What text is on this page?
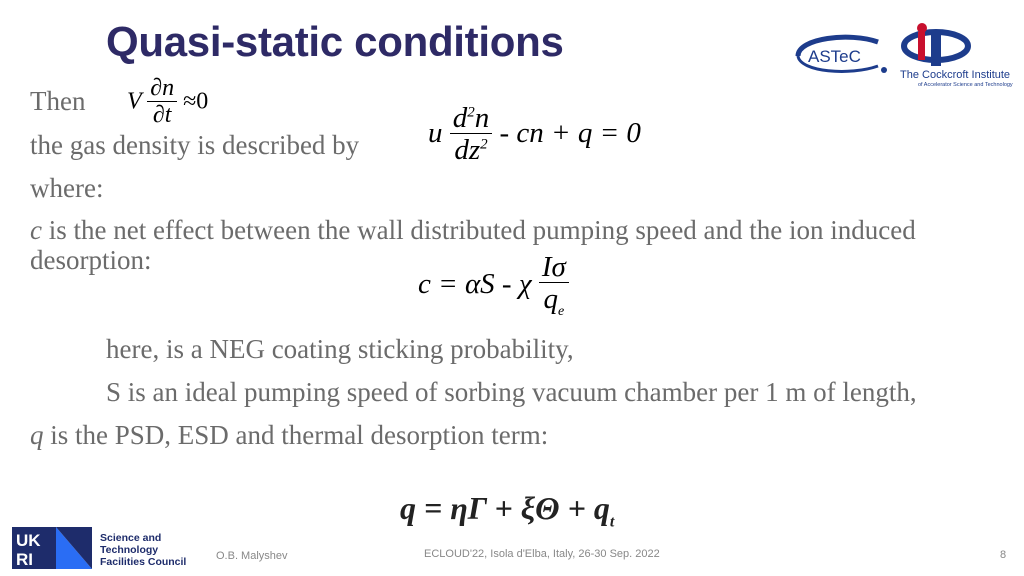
Quasi-static conditions	ASTeC
The Cockcroft Institute
of Accelerator Science and Technology
Then V $\frac{\partial n}{\partial t} \approx 0$
the gas density is described by u $\frac{d^2n}{dz^2}$ - cn + q = 0
where:
c is the net effect between the wall distributed pumping speed and the ion induced
desorption:
c = αS - χ $\frac{I\sigma}{q_e}$
here, is a NEG coating sticking probability,
S is an ideal pumping speed of sorbing vacuum chamber per 1 m of length,
q is the PSD, ESD and thermal desorption term:
$q = \eta\Gamma + \xi\Theta + q_t$
UK
RI
Science and
Technology
Facilities Council	O.B. Malyshev	ECLOUD'22, Isola d'Elba, Italy, 26-30 Sep. 2022	8
